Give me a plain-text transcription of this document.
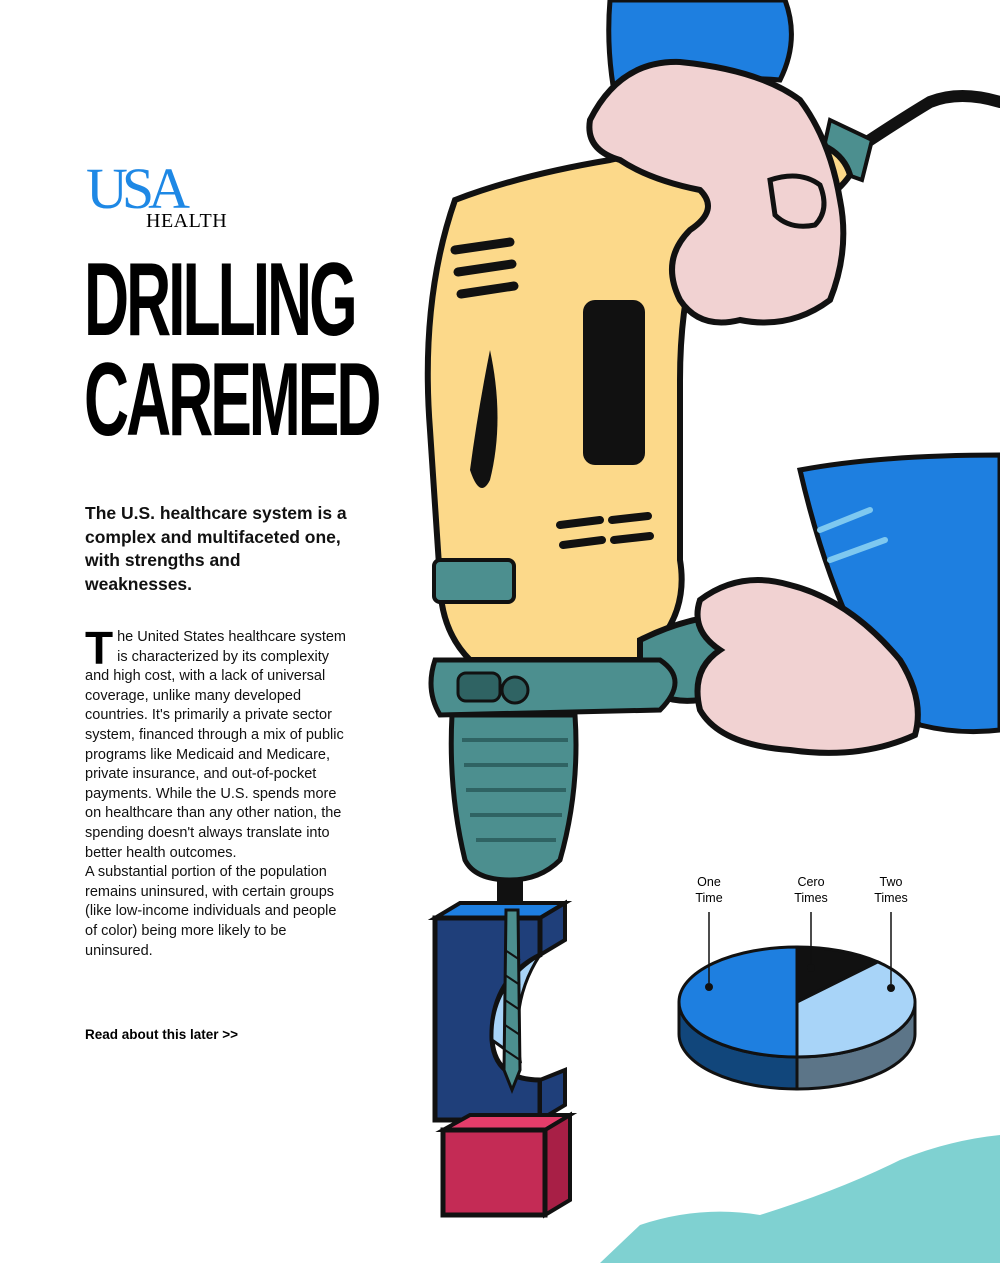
USA
HEALTH
DRILLING
CAREMED

The U.S. healthcare system is a complex and multifaceted one, with strengths and weaknesses.

The United States healthcare system is characterized by its complexity and high cost, with a lack of universal coverage, unlike many developed countries. It's primarily a private sector system, financed through a mix of public programs like Medicaid and Medicare, private insurance, and out-of-pocket payments. While the U.S. spends more on healthcare than any other nation, the spending doesn't always translate into better health outcomes.
A substantial portion of the population remains uninsured, with certain groups (like low-income individuals and people of color) being more likely to be uninsured.
Read about this later >>
One
Time
Cero
Times
Two
Times
